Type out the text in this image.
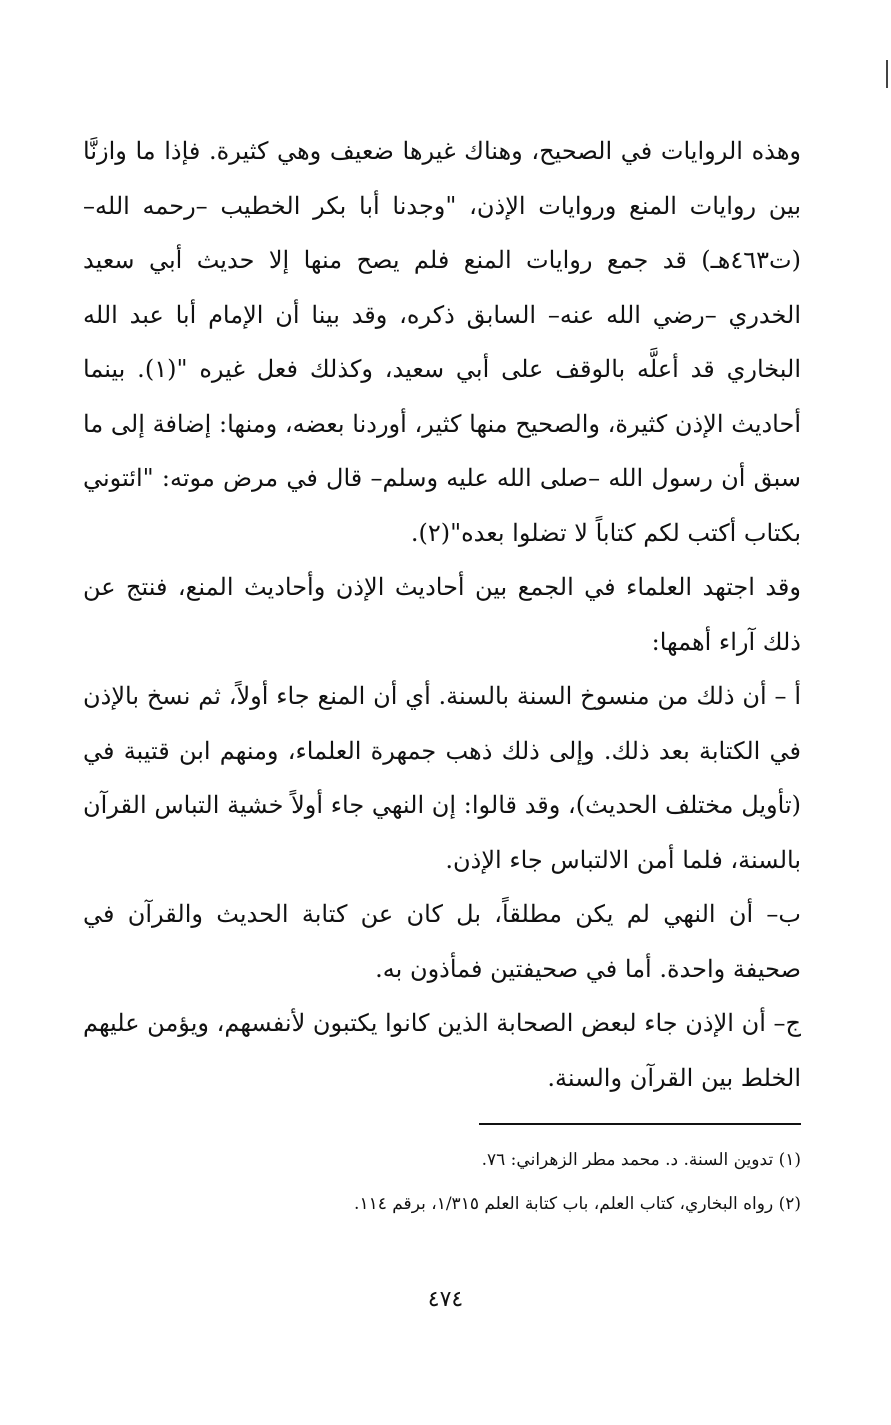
وهذه الروايات في الصحيح، وهناك غيرها ضعيف وهي كثيرة. فإذا ما وازنَّا بين روايات المنع وروايات الإذن، "وجدنا أبا بكر الخطيب –رحمه الله– (ت٤٦٣هـ) قد جمع روايات المنع فلم يصح منها إلا حديث أبي سعيد الخدري –رضي الله عنه– السابق ذكره، وقد بينا أن الإمام أبا عبد الله البخاري قد أعلَّه بالوقف على أبي سعيد، وكذلك فعل غيره "(١). بينما أحاديث الإذن كثيرة، والصحيح منها كثير، أوردنا بعضه، ومنها: إضافة إلى ما سبق أن رسول الله –صلى الله عليه وسلم– قال في مرض موته: "ائتوني بكتاب أكتب لكم كتاباً لا تضلوا بعده"(٢).

وقد اجتهد العلماء في الجمع بين أحاديث الإذن وأحاديث المنع، فنتج عن ذلك آراء أهمها:

أ – أن ذلك من منسوخ السنة بالسنة. أي أن المنع جاء أولاً، ثم نسخ بالإذن في الكتابة بعد ذلك. وإلى ذلك ذهب جمهرة العلماء، ومنهم ابن قتيبة في (تأويل مختلف الحديث)، وقد قالوا: إن النهي جاء أولاً خشية التباس القرآن بالسنة، فلما أمن الالتباس جاء الإذن.

ب– أن النهي لم يكن مطلقاً، بل كان عن كتابة الحديث والقرآن في صحيفة واحدة. أما في صحيفتين فمأذون به.

ج– أن الإذن جاء لبعض الصحابة الذين كانوا يكتبون لأنفسهم، ويؤمن عليهم الخلط بين القرآن والسنة.

(١) تدوين السنة. د. محمد مطر الزهراني: ٧٦.

(٢) رواه البخاري، كتاب العلم، باب كتابة العلم ١/٣١٥، برقم ١١٤.

٤٧٤
